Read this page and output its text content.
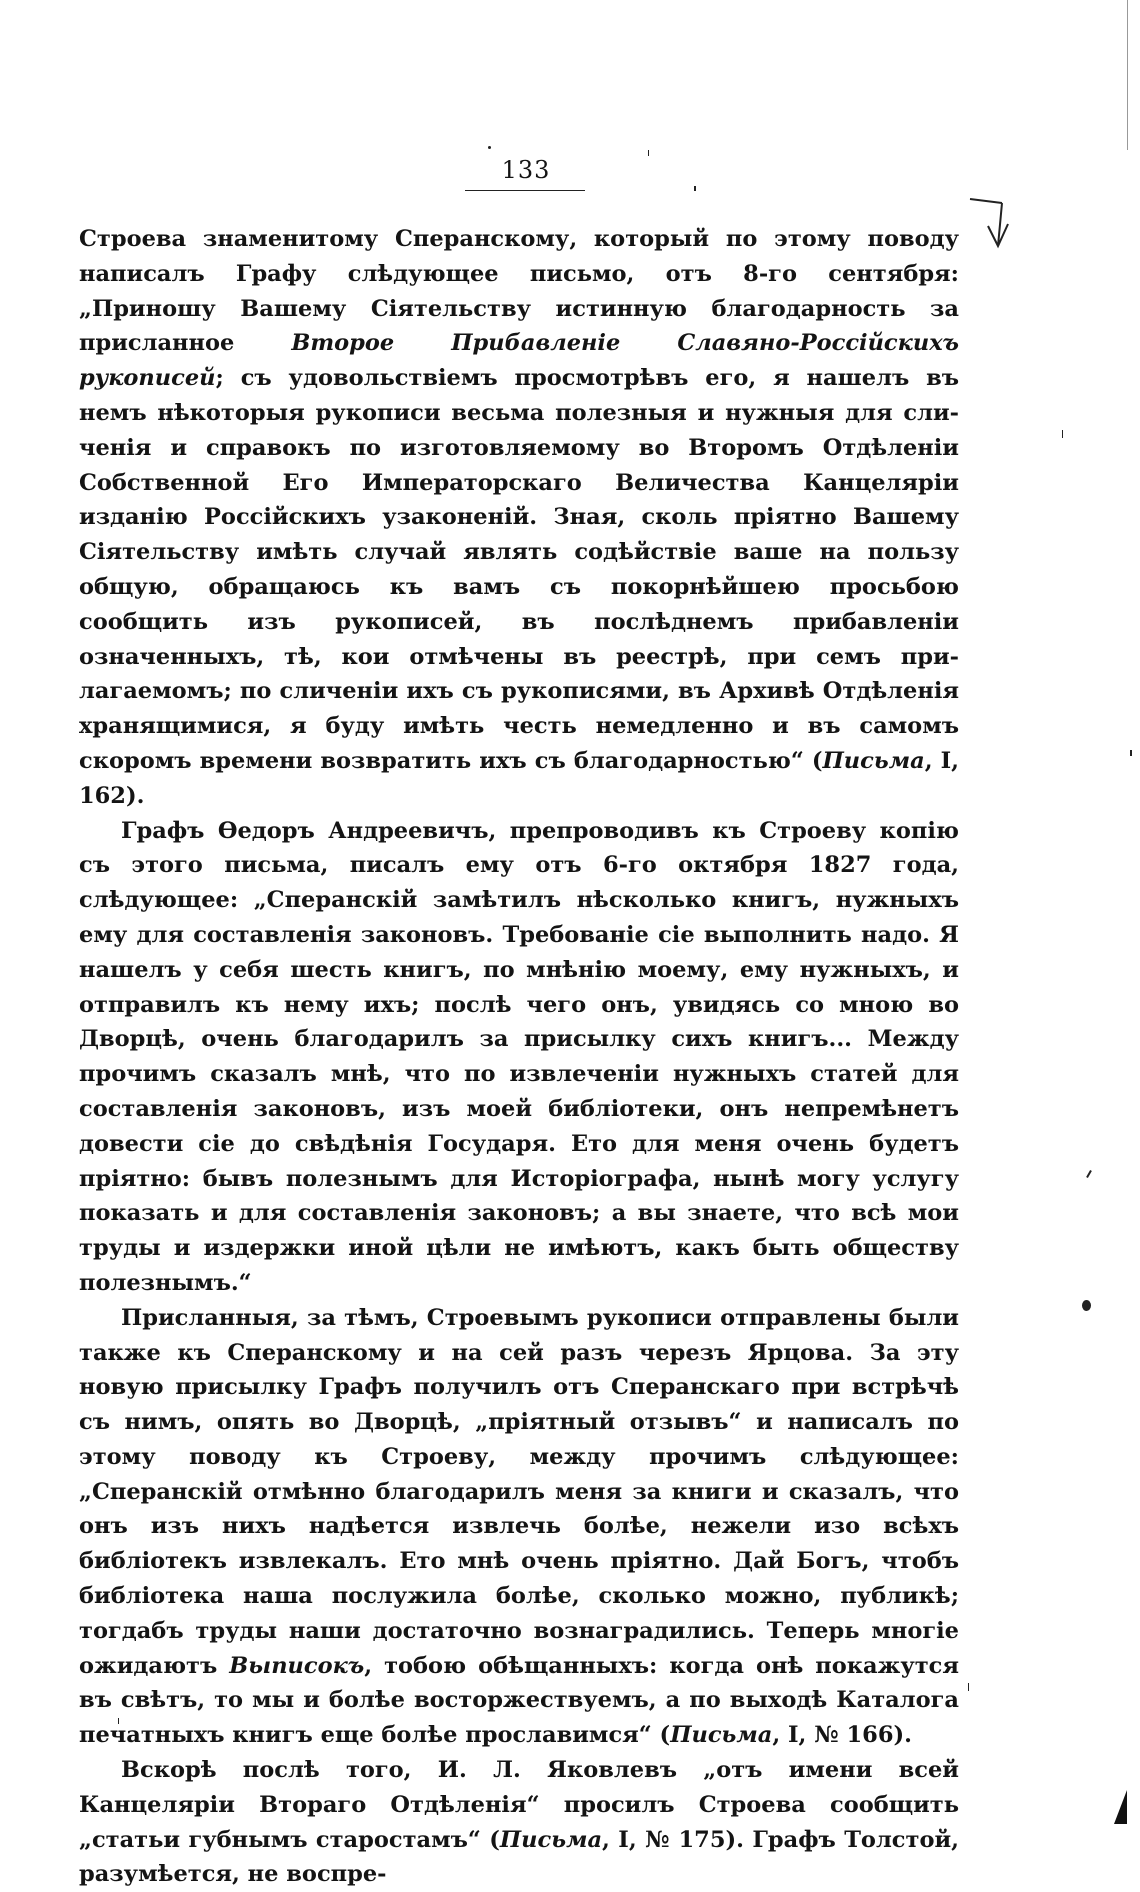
133

Строева знаменитому Сперанскому, который по этому поводу написалъ Графу слѣдующее письмо, отъ 8-го сентября: „Приношу Вашему Сіятельству истинную благодарность за присланное Второе Прибавленіе Славяно-Россійскихъ рукописей; съ удовольствіемъ просмотрѣвъ его, я нашелъ въ немъ нѣкоторыя рукописи весьма полезныя и нужныя для сличенія и справокъ по изготовляемому во Второмъ Отдѣленіи Собственной Его Императорскаго Величества Канцеляріи изданію Россійскихъ узаконеній. Зная, сколь пріятно Вашему Сіятельству имѣть случай являть содѣйствіе ваше на пользу общую, обращаюсь къ вамъ съ покорнѣйшею просьбою сообщить изъ рукописей, въ послѣднемъ прибавленіи означенныхъ, тѣ, кои отмѣчены въ реестрѣ, при семъ прилагаемомъ; по сличеніи ихъ съ рукописями, въ Архивѣ Отдѣленія хранящимися, я буду имѣть честь немедленно и въ самомъ скоромъ времени возвратить ихъ съ благодарностью“ (Письма, I, 162).

Графъ Ѳедоръ Андреевичъ, препроводивъ къ Строеву копію съ этого письма, писалъ ему отъ 6-го октября 1827 года, слѣдующее: „Сперанскій замѣтилъ нѣсколько книгъ, нужныхъ ему для составленія законовъ. Требованіе сіе выполнить надо. Я нашелъ у себя шесть книгъ, по мнѣнію моему, ему нужныхъ, и отправилъ къ нему ихъ; послѣ чего онъ, увидясь со мною во Дворцѣ, очень благодарилъ за присылку сихъ книгъ... Между прочимъ сказалъ мнѣ, что по извлеченіи нужныхъ статей для составленія законовъ, изъ моей библіотеки, онъ непремѣнетъ довести сіе до свѣдѣнія Государя. Ето для меня очень будетъ пріятно: бывъ полезнымъ для Исторіографа, нынѣ могу услугу показать и для составленія законовъ; а вы знаете, что всѣ мои труды и издержки иной цѣли не имѣютъ, какъ быть обществу полезнымъ.“

Присланныя, за тѣмъ, Строевымъ рукописи отправлены были также къ Сперанскому и на сей разъ черезъ Ярцова. За эту новую присылку Графъ получилъ отъ Сперанскаго при встрѣчѣ съ нимъ, опять во Дворцѣ, „пріятный отзывъ“ и написалъ по этому поводу къ Строеву, между прочимъ слѣдующее: „Сперанскій отмѣнно благодарилъ меня за книги и сказалъ, что онъ изъ нихъ надѣется извлечь болѣе, нежели изо всѣхъ библіотекъ извлекалъ. Ето мнѣ очень пріятно. Дай Богъ, чтобъ библіотека наша послужила болѣе, сколько можно, публикѣ; тогдабъ труды наши достаточно вознаградились. Теперь многіе ожидаютъ Выписокъ, тобою обѣщанныхъ: когда онѣ покажутся въ свѣтъ, то мы и болѣе восторжествуемъ, а по выходѣ Каталога печатныхъ книгъ еще болѣе прославимся“ (Письма, I, № 166).

Вскорѣ послѣ того, И. Л. Яковлевъ „отъ имени всей Канцеляріи Втораго Отдѣленія“ просилъ Строева сообщить „статьи губнымъ старостамъ“ (Письма, I, № 175). Графъ Толстой, разумѣется, не воспре-
